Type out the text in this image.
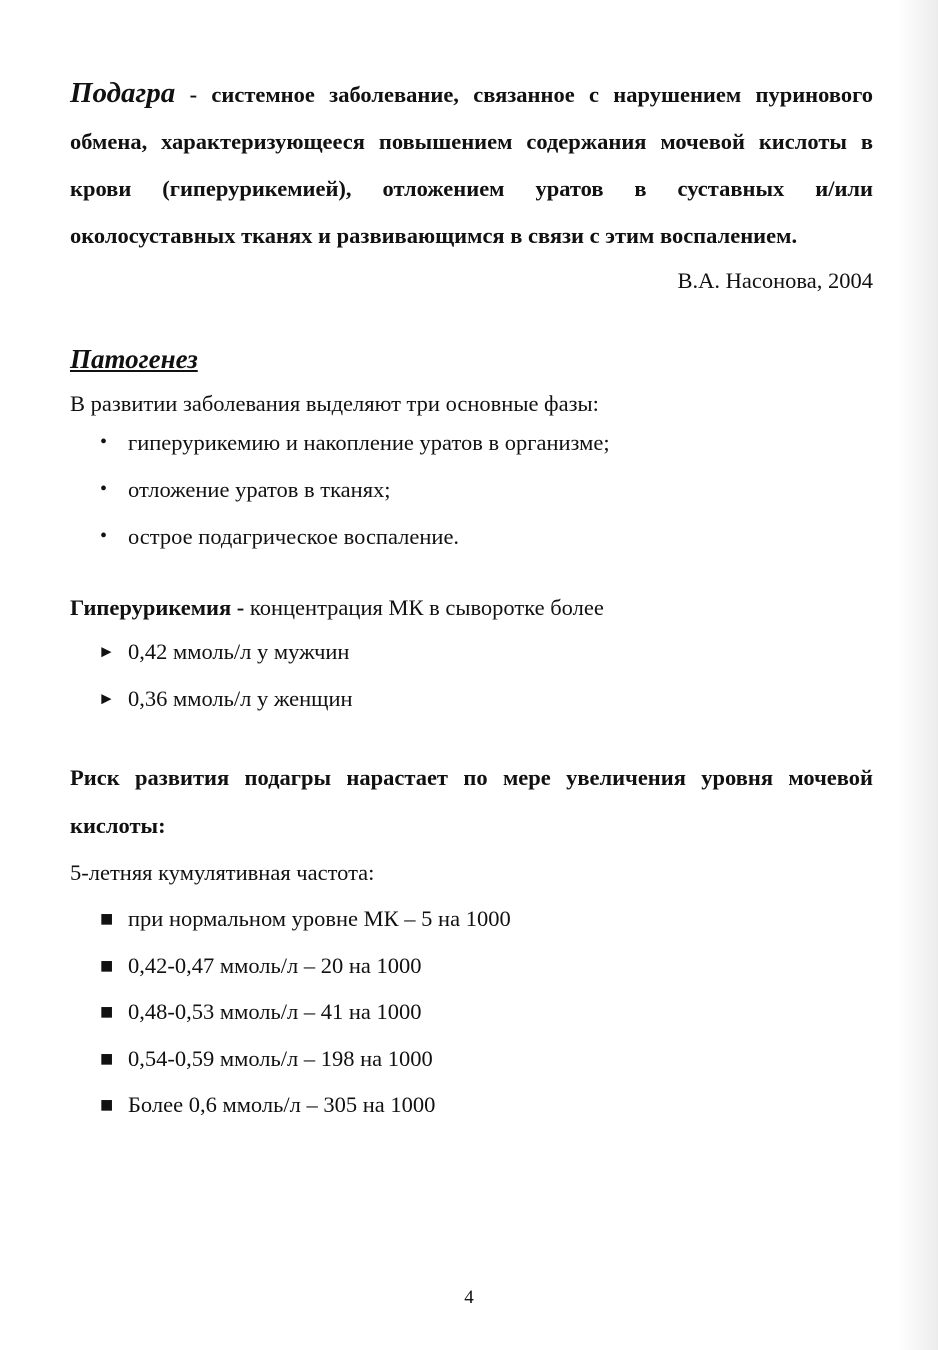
Подагра - системное заболевание, связанное с нарушением пуринового обмена, характеризующееся повышением содержания мочевой кислоты в крови (гиперурикемией), отложением уратов в суставных и/или околосуставных тканях и развивающимся в связи с этим воспалением.

В.А. Насонова, 2004

Патогенез

В развитии заболевания выделяют три основные фазы:

• гиперурикемию и накопление уратов в организме;
• отложение уратов в тканях;
• острое подагрическое воспаление.

Гиперурикемия - концентрация МК в сыворотке более

► 0,42 ммоль/л у мужчин
► 0,36 ммоль/л у женщин

Риск развития подагры нарастает по мере увеличения уровня мочевой кислоты:

5-летняя кумулятивная частота:

■ при нормальном уровне МК – 5 на 1000
■ 0,42-0,47 ммоль/л – 20 на 1000
■ 0,48-0,53 ммоль/л – 41 на 1000
■ 0,54-0,59 ммоль/л – 198 на 1000
■ Более 0,6 ммоль/л – 305 на 1000
4
